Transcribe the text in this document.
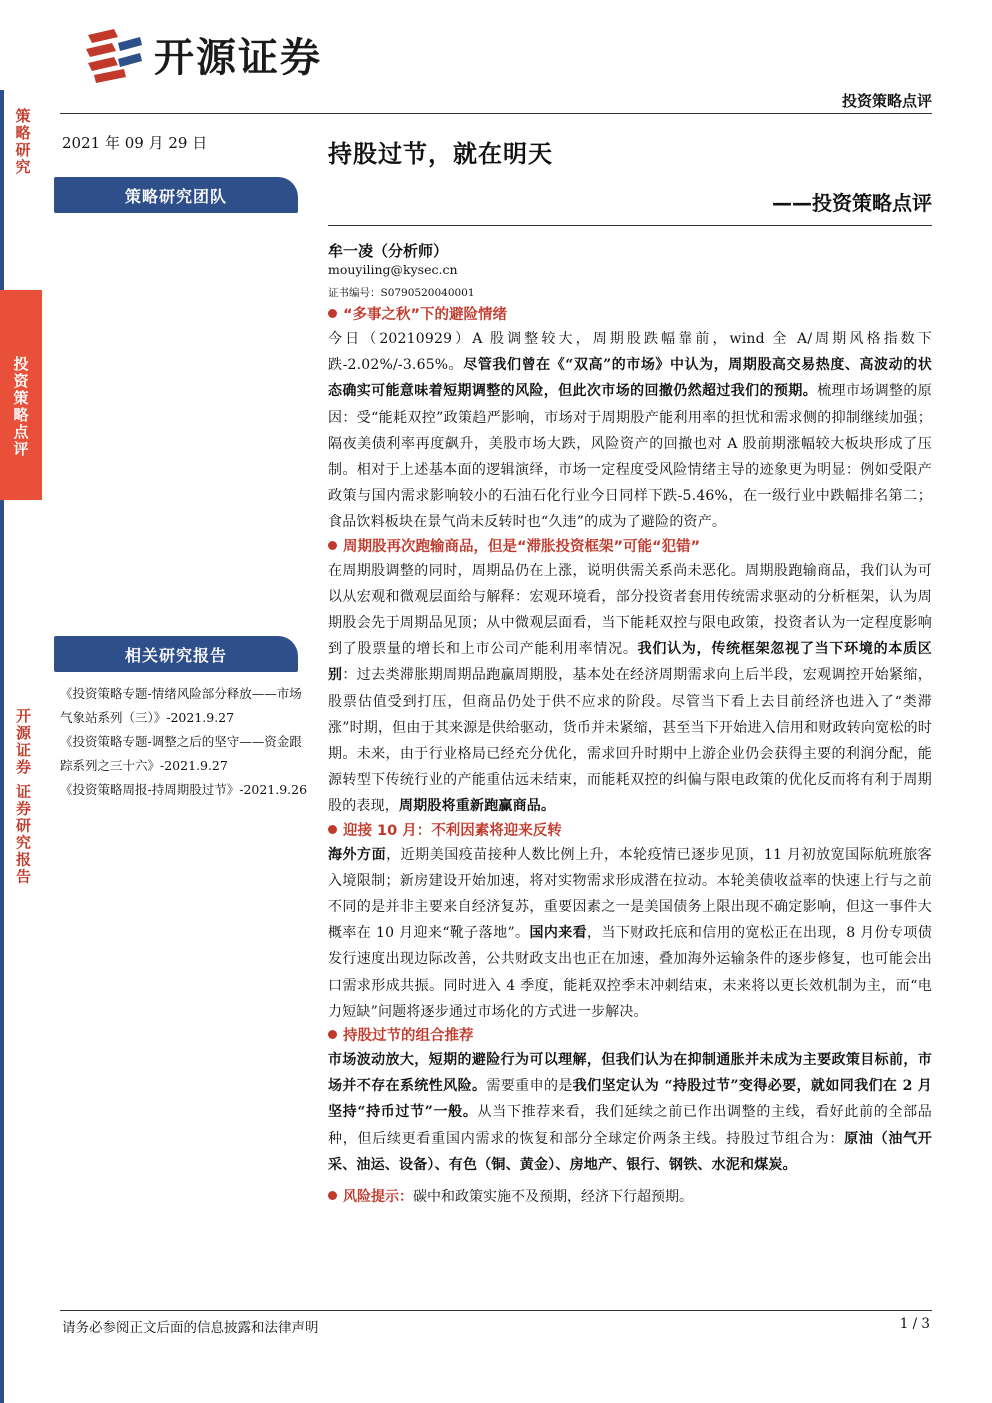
策略研究
投资策略点评
开源证券 证券研究报告
开源证券
投资策略点评
2021 年 09 月 29 日
策略研究团队
相关研究报告
《投资策略专题-情绪风险部分释放——市场气象站系列（三）》-2021.9.27
《投资策略专题-调整之后的坚守——资金跟踪系列之三十六》-2021.9.27
《投资策略周报-持周期股过节》-2021.9.26
持股过节，就在明天
——投资策略点评
牟一凌（分析师）
mouyiling@kysec.cn
证书编号：S0790520040001
“多事之秋”下的避险情绪
今日（20210929）A 股调整较大，周期股跌幅靠前，wind 全 A/周期风格指数下跌-2.02%/-3.65%。尽管我们曾在《“双高”的市场》中认为，周期股高交易热度、高波动的状态确实可能意味着短期调整的风险，但此次市场的回撤仍然超过我们的预期。梳理市场调整的原因：受“能耗双控”政策趋严影响，市场对于周期股产能利用率的担忧和需求侧的抑制继续加强；隔夜美债利率再度飙升，美股市场大跌，风险资产的回撤也对 A 股前期涨幅较大板块形成了压制。相对于上述基本面的逻辑演绎，市场一定程度受风险情绪主导的迹象更为明显：例如受限产政策与国内需求影响较小的石油石化行业今日同样下跌-5.46%，在一级行业中跌幅排名第二；食品饮料板块在景气尚未反转时也“久违”的成为了避险的资产。
周期股再次跑输商品，但是“滞胀投资框架”可能“犯错”
在周期股调整的同时，周期品仍在上涨，说明供需关系尚未恶化。周期股跑输商品，我们认为可以从宏观和微观层面给与解释：宏观环境看，部分投资者套用传统需求驱动的分析框架，认为周期股会先于周期品见顶；从中微观层面看，当下能耗双控与限电政策，投资者认为一定程度影响到了股票量的增长和上市公司产能利用率情况。我们认为，传统框架忽视了当下环境的本质区别：过去类滞胀期周期品跑赢周期股，基本处在经济周期需求向上后半段，宏观调控开始紧缩，股票估值受到打压，但商品仍处于供不应求的阶段。尽管当下看上去目前经济也进入了“类滞涨”时期，但由于其来源是供给驱动，货币并未紧缩，甚至当下开始进入信用和财政转向宽松的时期。未来，由于行业格局已经充分优化，需求回升时期中上游企业仍会获得主要的利润分配，能源转型下传统行业的产能重估远未结束，而能耗双控的纠偏与限电政策的优化反而将有利于周期股的表现，周期股将重新跑赢商品。
迎接 10 月：不利因素将迎来反转
海外方面，近期美国疫苗接种人数比例上升，本轮疫情已逐步见顶，11 月初放宽国际航班旅客入境限制；新房建设开始加速，将对实物需求形成潜在拉动。本轮美债收益率的快速上行与之前不同的是并非主要来自经济复苏，重要因素之一是美国债务上限出现不确定影响，但这一事件大概率在 10 月迎来“靴子落地”。国内来看，当下财政托底和信用的宽松正在出现，8 月份专项债发行速度出现边际改善，公共财政支出也正在加速，叠加海外运输条件的逐步修复，也可能会出口需求形成共振。同时进入 4 季度，能耗双控季末冲刺结束，未来将以更长效机制为主，而“电力短缺”问题将逐步通过市场化的方式进一步解决。
持股过节的组合推荐
市场波动放大，短期的避险行为可以理解，但我们认为在抑制通胀并未成为主要政策目标前，市场并不存在系统性风险。需要重申的是我们坚定认为 “持股过节”变得必要，就如同我们在 2 月坚持“持币过节”一般。从当下推荐来看，我们延续之前已作出调整的主线，看好此前的全部品种，但后续更看重国内需求的恢复和部分全球定价两条主线。持股过节组合为：原油（油气开采、油运、设备）、有色（铜、黄金）、房地产、银行、钢铁、水泥和煤炭。
风险提示：碳中和政策实施不及预期，经济下行超预期。
请务必参阅正文后面的信息披露和法律声明	1 / 3
